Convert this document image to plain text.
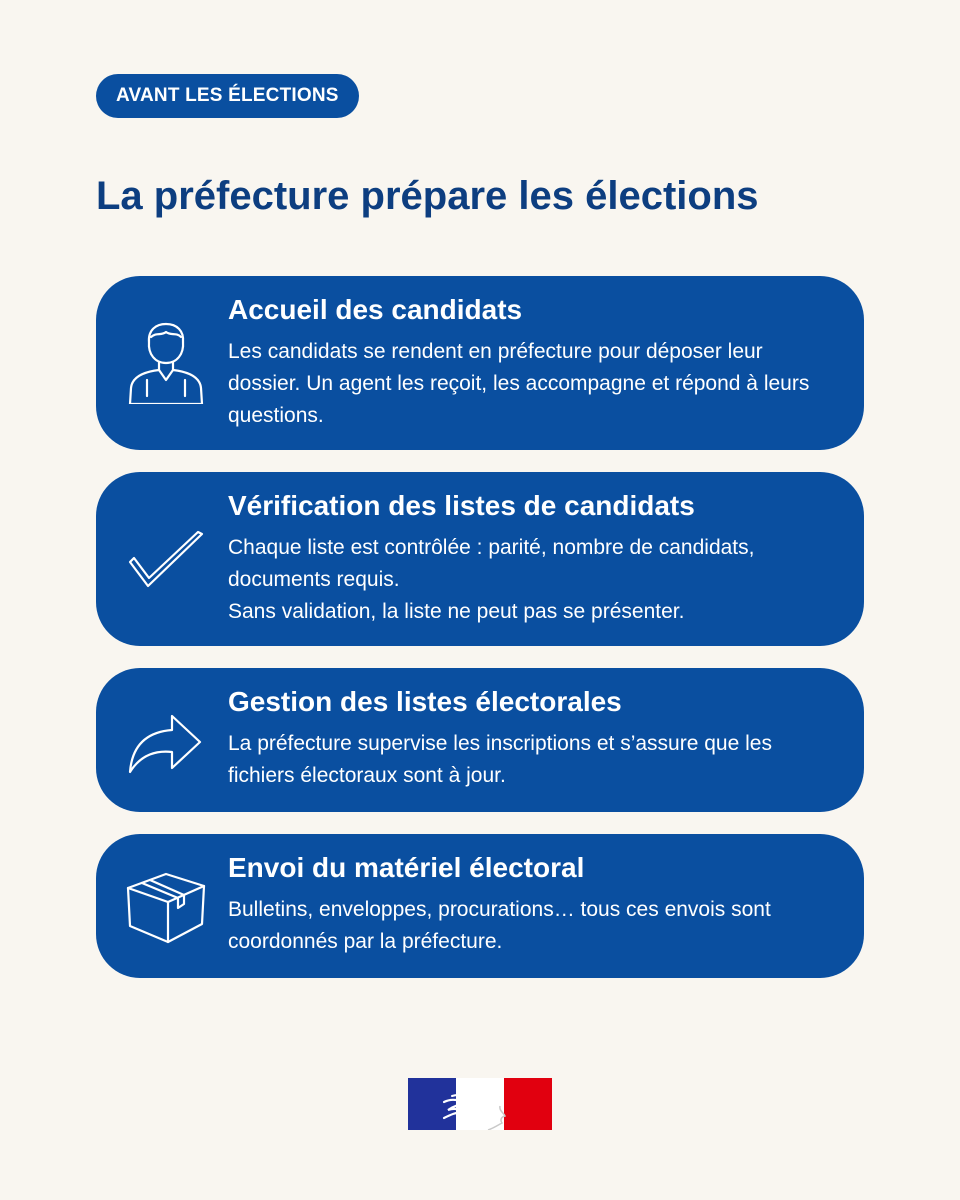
AVANT LES ÉLECTIONS
La préfecture prépare les élections
Accueil des candidats

Les candidats se rendent en préfecture pour déposer leur dossier. Un agent les reçoit, les accompagne et répond à leurs questions.

Vérification des listes de candidats

Chaque liste est contrôlée : parité, nombre de candidats, documents requis.
Sans validation, la liste ne peut pas se présenter.

Gestion des listes électorales

La préfecture supervise les inscriptions et s’assure que les fichiers électoraux sont à jour.

Envoi du matériel électoral

Bulletins, enveloppes, procurations… tous ces envois sont coordonnés par la préfecture.
